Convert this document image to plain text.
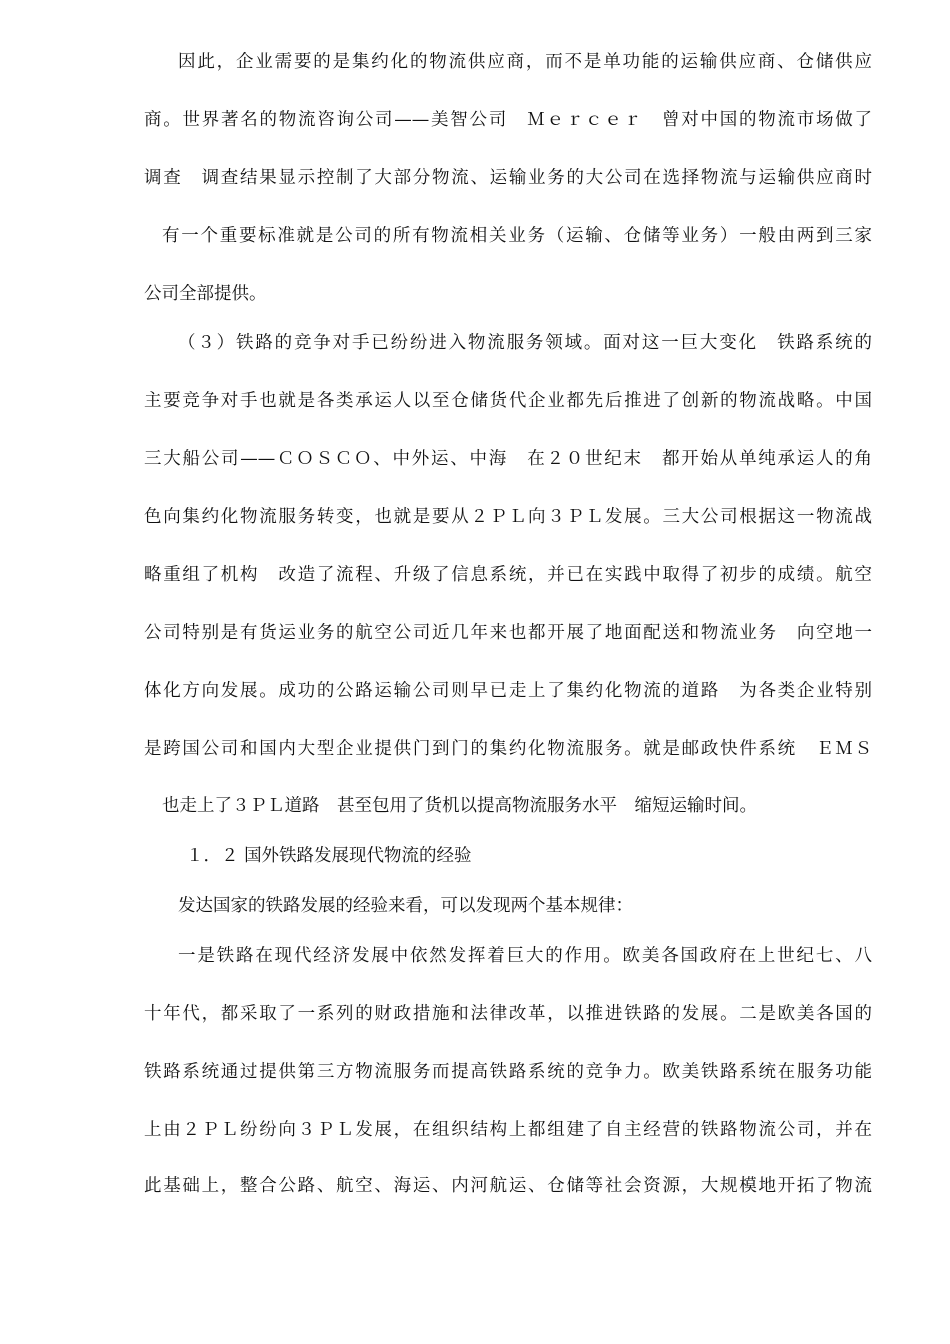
因此，企业需要的是集约化的物流供应商，而不是单功能的运输供应商、仓储供应
商。世界著名的物流咨询公司——美智公司　Ｍｅｒｃｅｒ　曾对中国的物流市场做了
调查　调查结果显示控制了大部分物流、运输业务的大公司在选择物流与运输供应商时
有一个重要标准就是公司的所有物流相关业务（运输、仓储等业务）一般由两到三家
公司全部提供。
（３）铁路的竞争对手已纷纷进入物流服务领域。面对这一巨大变化　铁路系统的
主要竞争对手也就是各类承运人以至仓储货代企业都先后推进了创新的物流战略。中国
三大船公司——ＣＯＳＣＯ、中外运、中海　在２０世纪末　都开始从单纯承运人的角
色向集约化物流服务转变，也就是要从２ＰＬ向３ＰＬ发展。三大公司根据这一物流战
略重组了机构　改造了流程、升级了信息系统，并已在实践中取得了初步的成绩。航空
公司特别是有货运业务的航空公司近几年来也都开展了地面配送和物流业务　向空地一
体化方向发展。成功的公路运输公司则早已走上了集约化物流的道路　为各类企业特别
是跨国公司和国内大型企业提供门到门的集约化物流服务。就是邮政快件系统　ＥＭＳ
也走上了３ＰＬ道路　甚至包用了货机以提高物流服务水平　缩短运输时间。
１．２ 国外铁路发展现代物流的经验
发达国家的铁路发展的经验来看，可以发现两个基本规律：
一是铁路在现代经济发展中依然发挥着巨大的作用。欧美各国政府在上世纪七、八
十年代，都采取了一系列的财政措施和法律改革，以推进铁路的发展。二是欧美各国的
铁路系统通过提供第三方物流服务而提高铁路系统的竞争力。欧美铁路系统在服务功能
上由２ＰＬ纷纷向３ＰＬ发展，在组织结构上都组建了自主经营的铁路物流公司，并在
此基础上，整合公路、航空、海运、内河航运、仓储等社会资源，大规模地开拓了物流
